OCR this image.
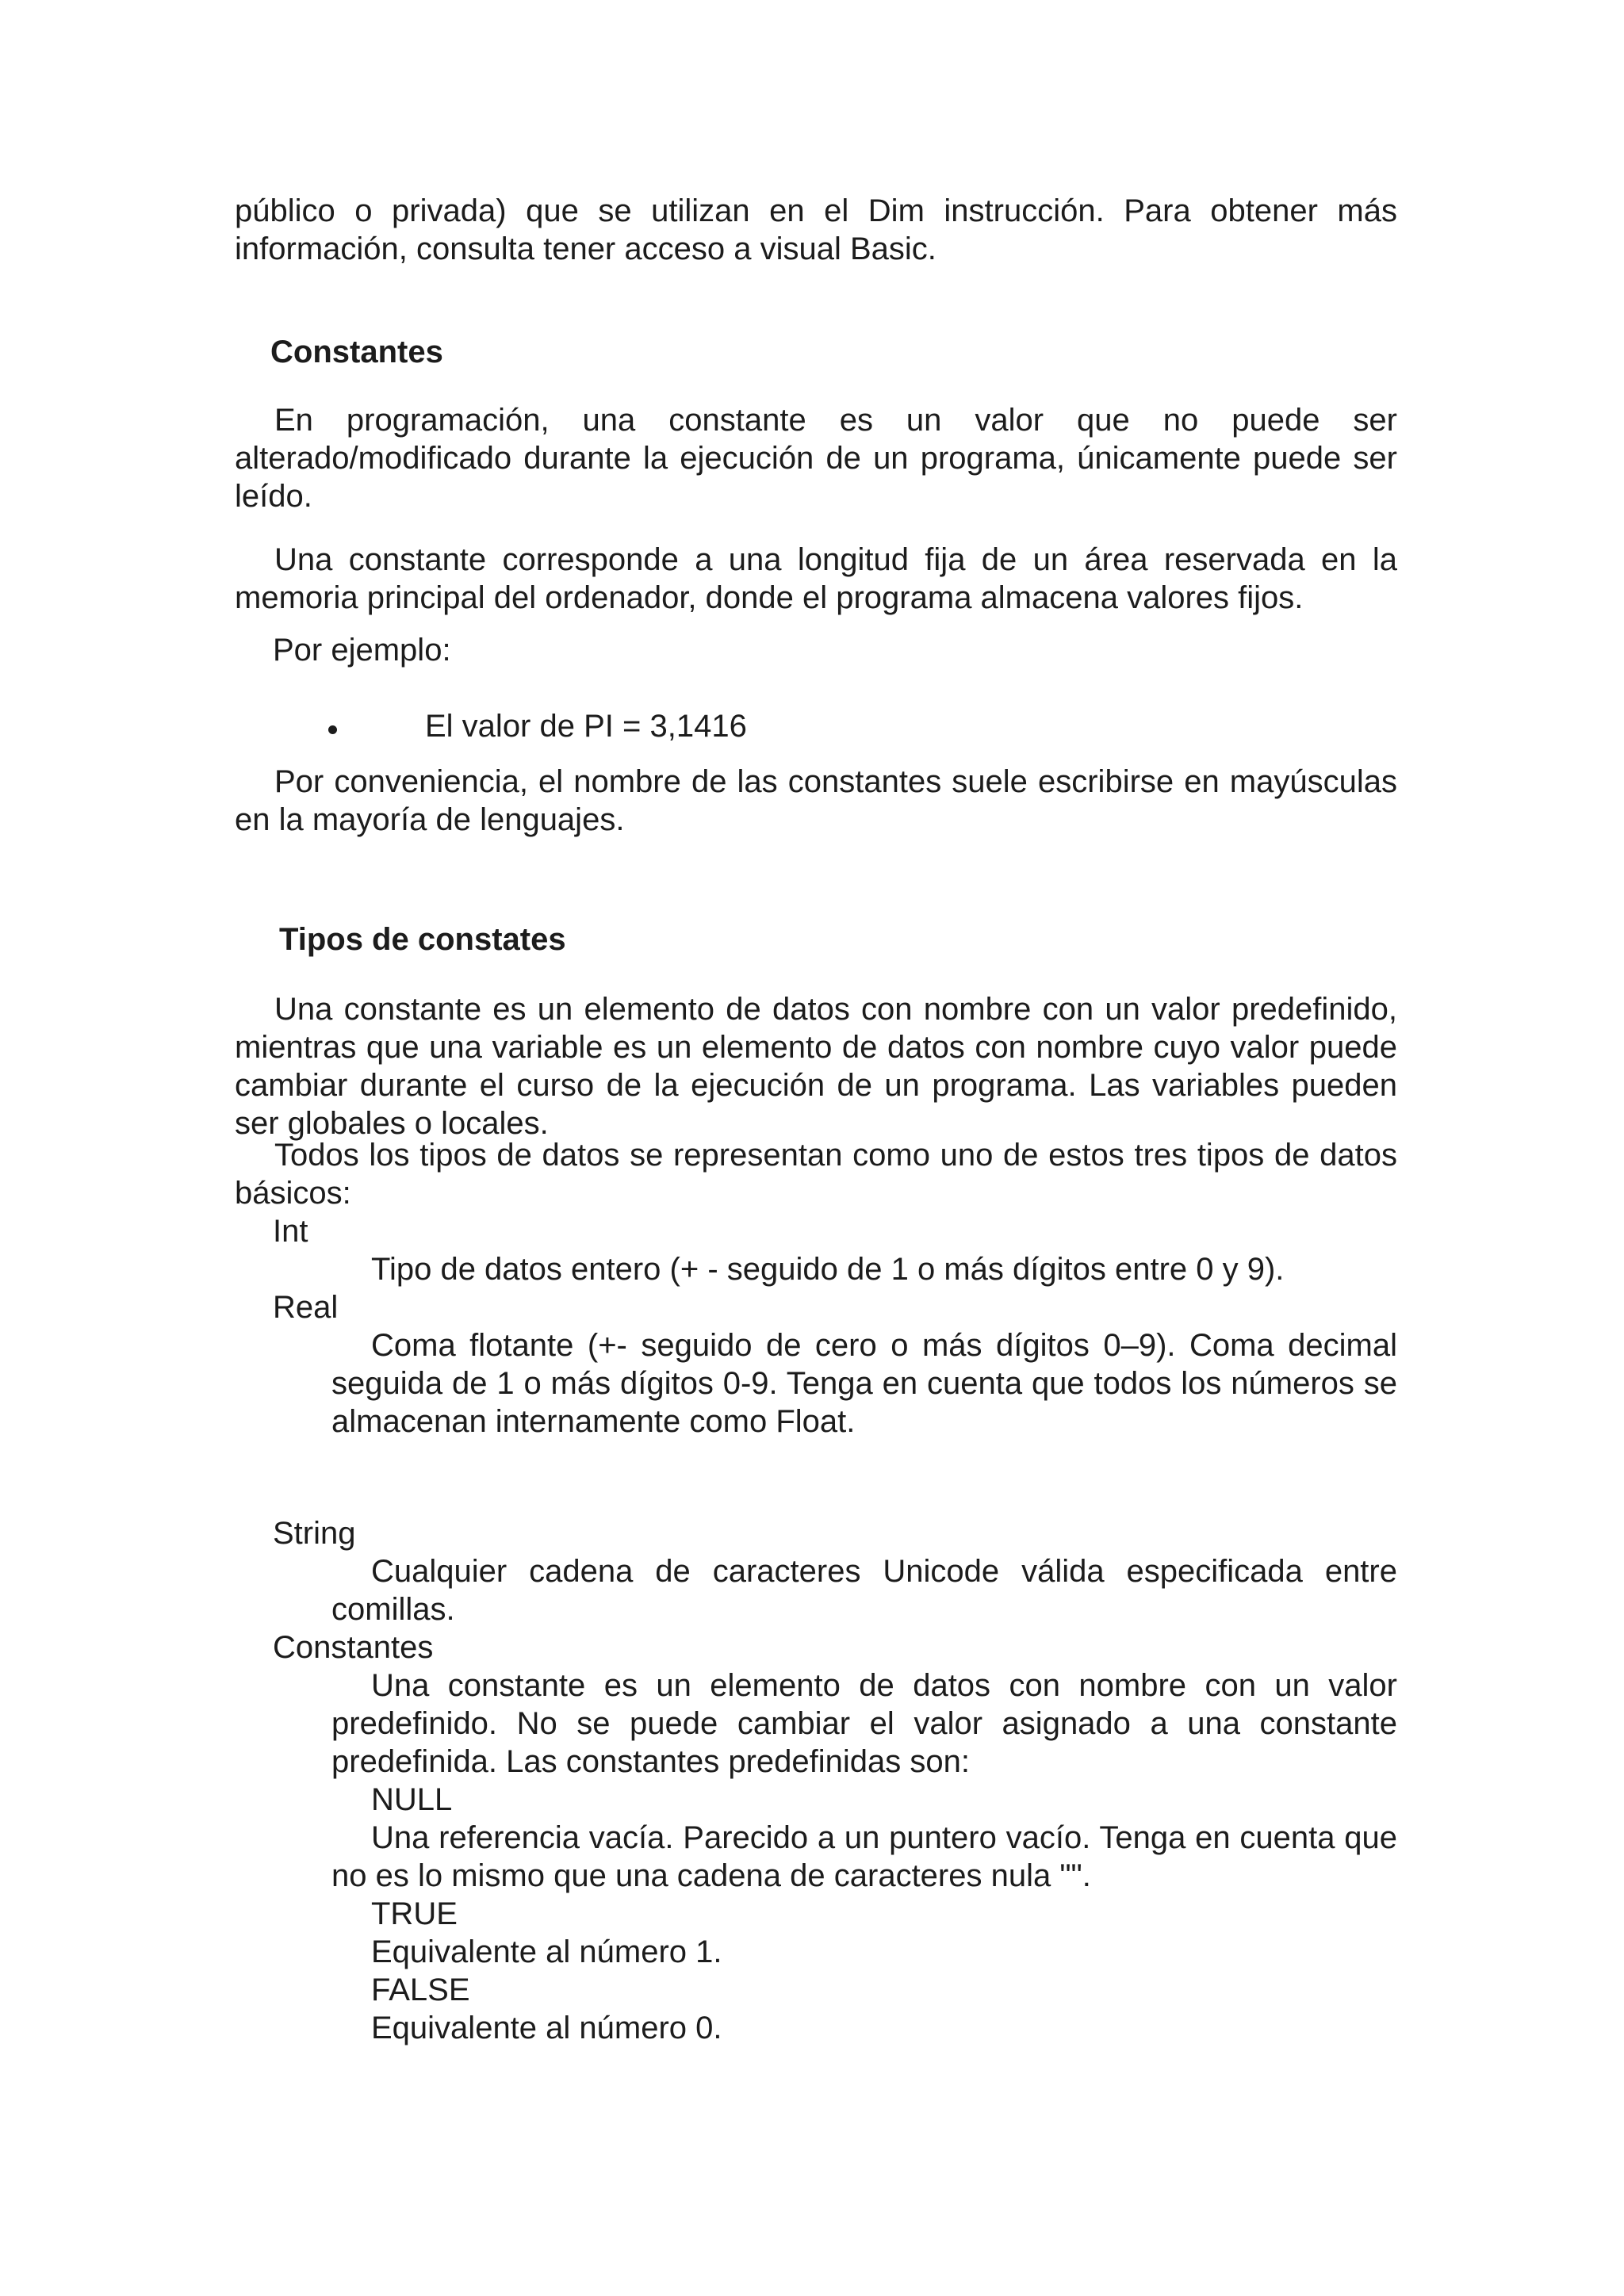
público o privada) que se utilizan en el Dim instrucción. Para obtener más información, consulta tener acceso a visual Basic.

Constantes

En programación, una constante es un valor que no puede ser alterado/modificado durante la ejecución de un programa, únicamente puede ser leído.

Una constante corresponde a una longitud fija de un área reservada en la memoria principal del ordenador, donde el programa almacena valores fijos.

Por ejemplo:

El valor de PI = 3,1416

Por conveniencia, el nombre de las constantes suele escribirse en mayúsculas en la mayoría de lenguajes.

Tipos de constates

Una constante es un elemento de datos con nombre con un valor predefinido, mientras que una variable es un elemento de datos con nombre cuyo valor puede cambiar durante el curso de la ejecución de un programa. Las variables pueden ser globales o locales.

Todos los tipos de datos se representan como uno de estos tres tipos de datos básicos:

Int

Tipo de datos entero (+ - seguido de 1 o más dígitos entre 0 y 9).

Real

Coma flotante (+- seguido de cero o más dígitos 0–9). Coma decimal seguida de 1 o más dígitos 0-9. Tenga en cuenta que todos los números se almacenan internamente como Float.

String

Cualquier cadena de caracteres Unicode válida especificada entre comillas.

Constantes

Una constante es un elemento de datos con nombre con un valor predefinido. No se puede cambiar el valor asignado a una constante predefinida. Las constantes predefinidas son:

NULL

Una referencia vacía. Parecido a un puntero vacío. Tenga en cuenta que no es lo mismo que una cadena de caracteres nula "".

TRUE

Equivalente al número 1.

FALSE

Equivalente al número 0.
